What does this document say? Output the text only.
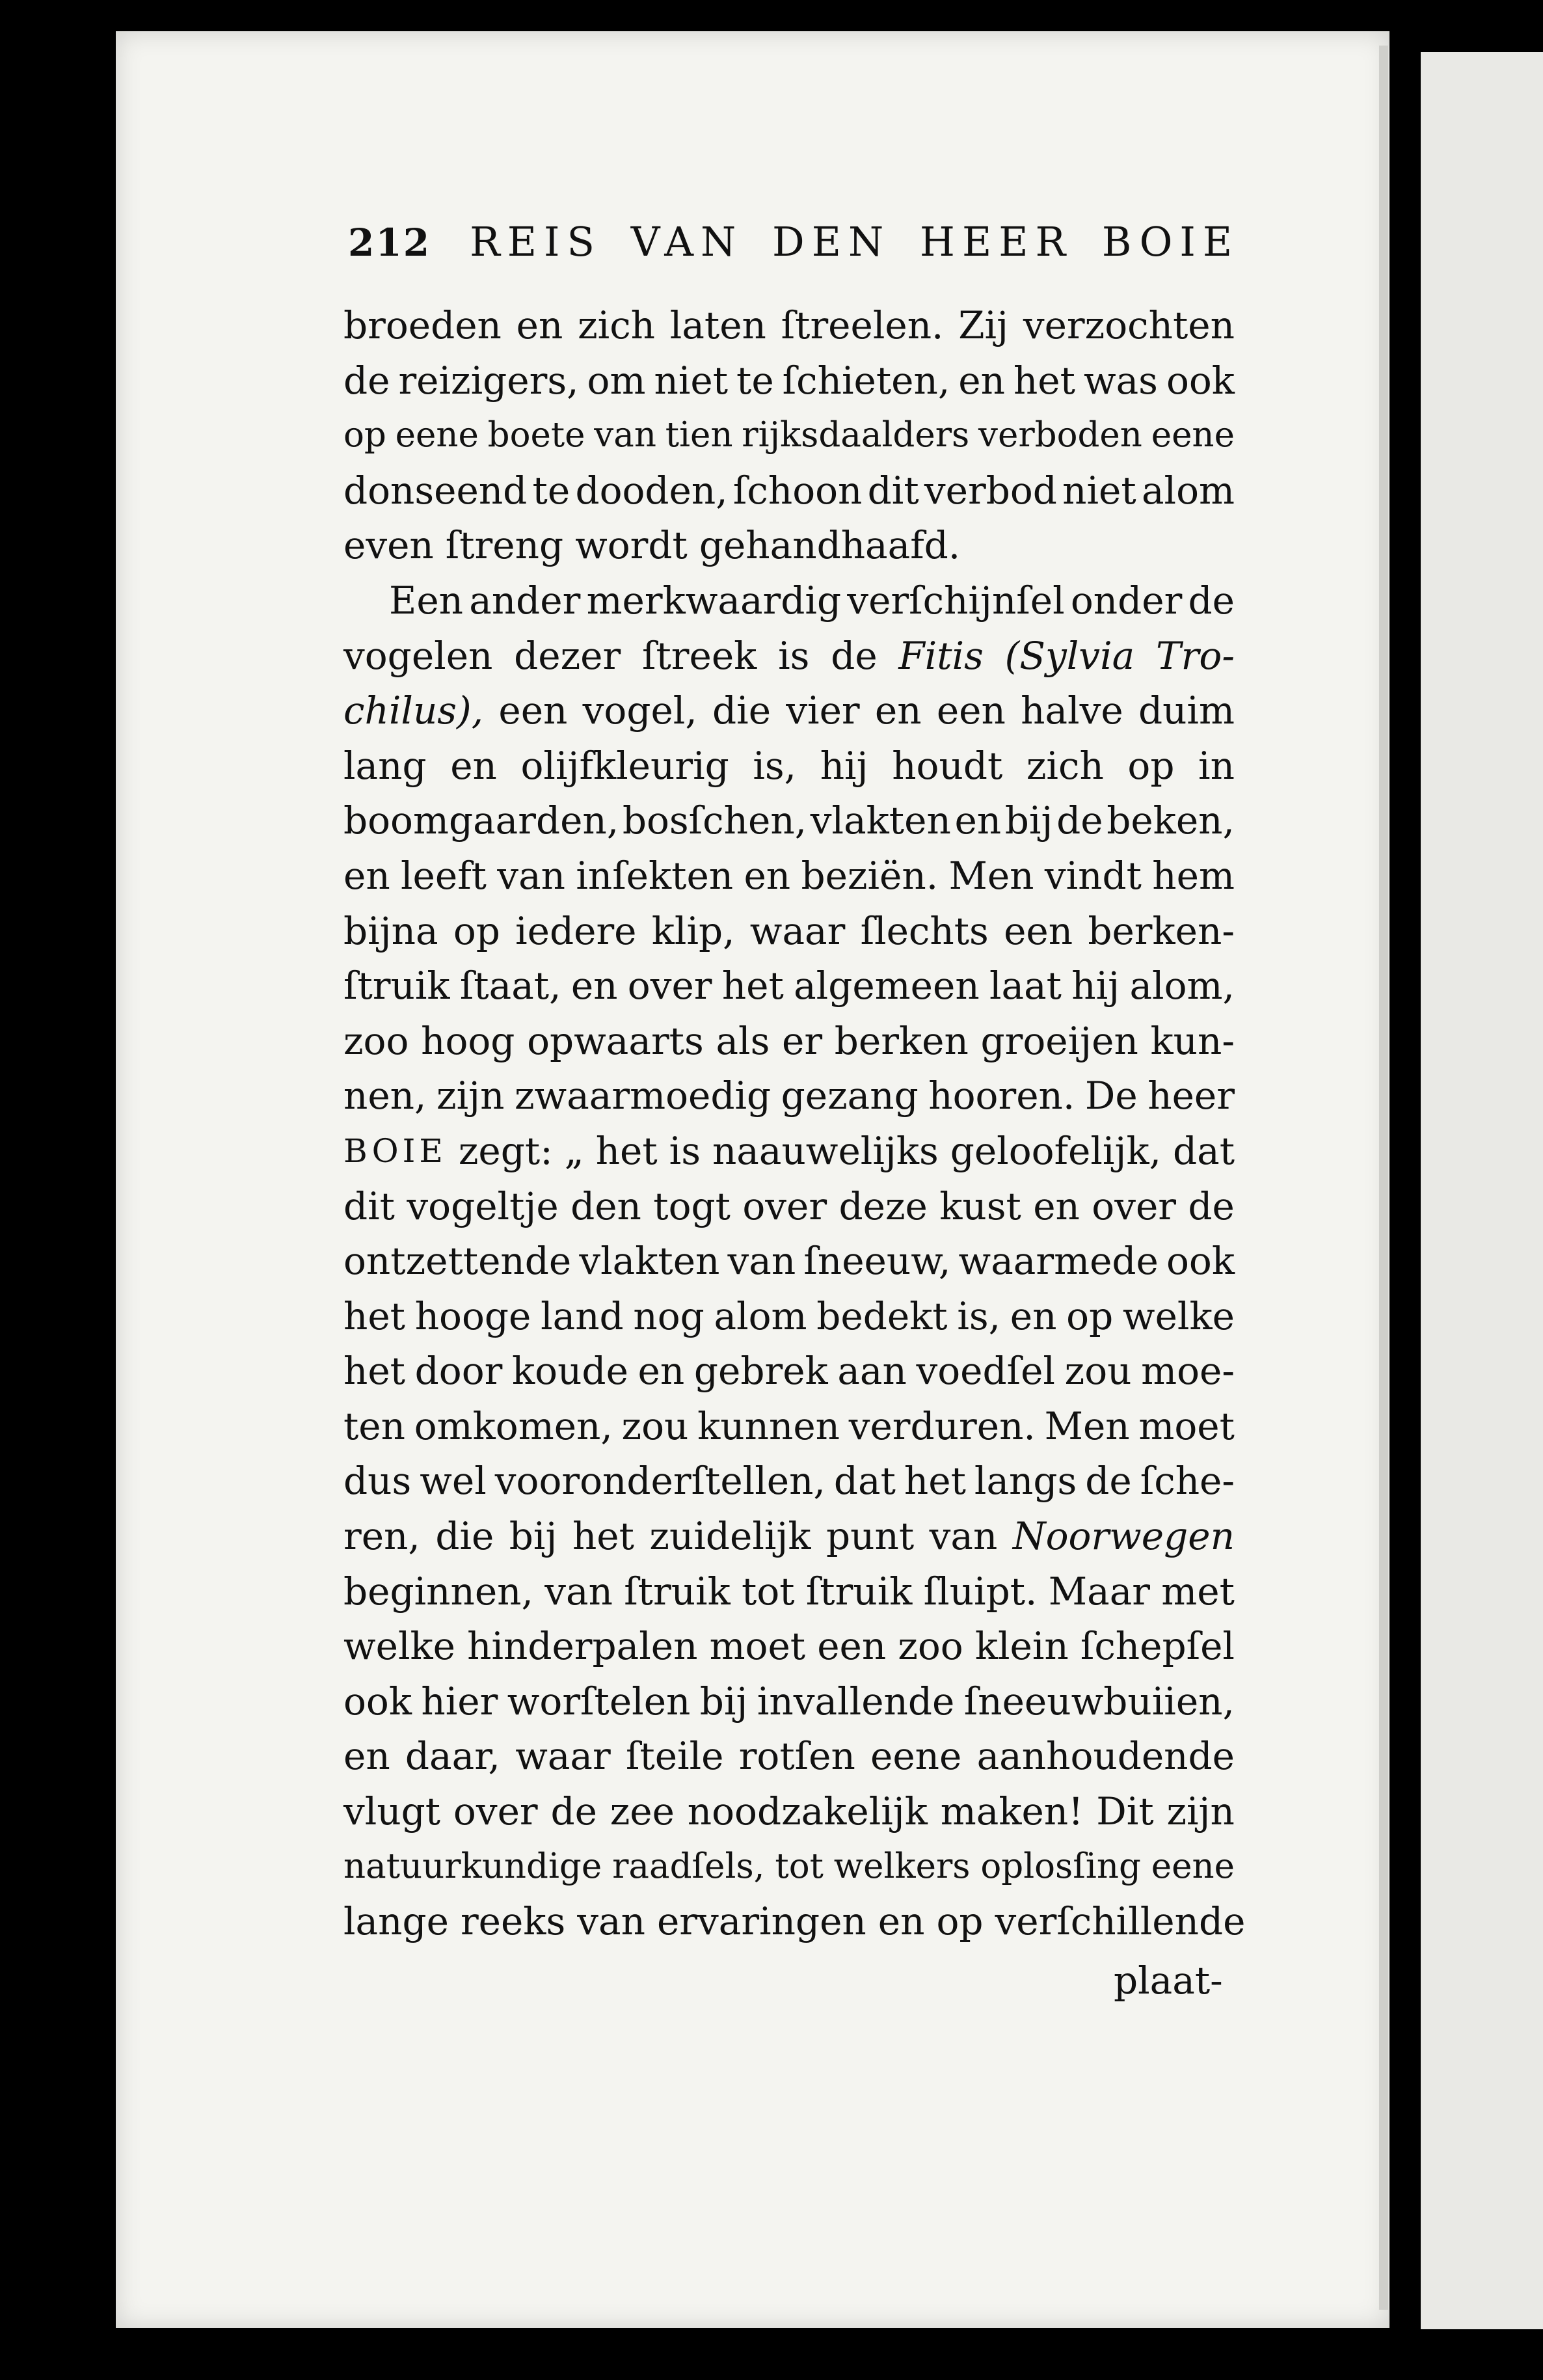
212 REIS VAN DEN HEER BOIE
broeden en zich laten ſtreelen. Zij verzochten
de reizigers, om niet te ſchieten, en het was ook
op eene boete van tien rijksdaalders verboden eene
donseend te dooden, ſchoon dit verbod niet alom
even ſtreng wordt gehandhaafd.
Een ander merkwaardig verſchijnſel onder de
vogelen dezer ſtreek is de Fitis (Sylvia Tro-
chilus), een vogel, die vier en een halve duim
lang en olijfkleurig is, hij houdt zich op in
boomgaarden, bosſchen, vlakten en bij de beken,
en leeft van inſekten en beziën. Men vindt hem
bijna op iedere klip, waar ſlechts een berken-
ſtruik ſtaat, en over het algemeen laat hij alom,
zoo hoog opwaarts als er berken groeijen kun-
nen, zijn zwaarmoedig gezang hooren. De heer
BOIE zegt: „ het is naauwelijks geloofelijk, dat
dit vogeltje den togt over deze kust en over de
ontzettende vlakten van ſneeuw, waarmede ook
het hooge land nog alom bedekt is, en op welke
het door koude en gebrek aan voedſel zou moe-
ten omkomen, zou kunnen verduren. Men moet
dus wel vooronderſtellen, dat het langs de ſche-
ren, die bij het zuidelijk punt van Noorwegen
beginnen, van ſtruik tot ſtruik ſluipt. Maar met
welke hinderpalen moet een zoo klein ſchepſel
ook hier worſtelen bij invallende ſneeuwbuiien,
en daar, waar ſteile rotſen eene aanhoudende
vlugt over de zee noodzakelijk maken! Dit zijn
natuurkundige raadſels, tot welkers oplosſing eene
lange reeks van ervaringen en op verſchillende
plaat-
